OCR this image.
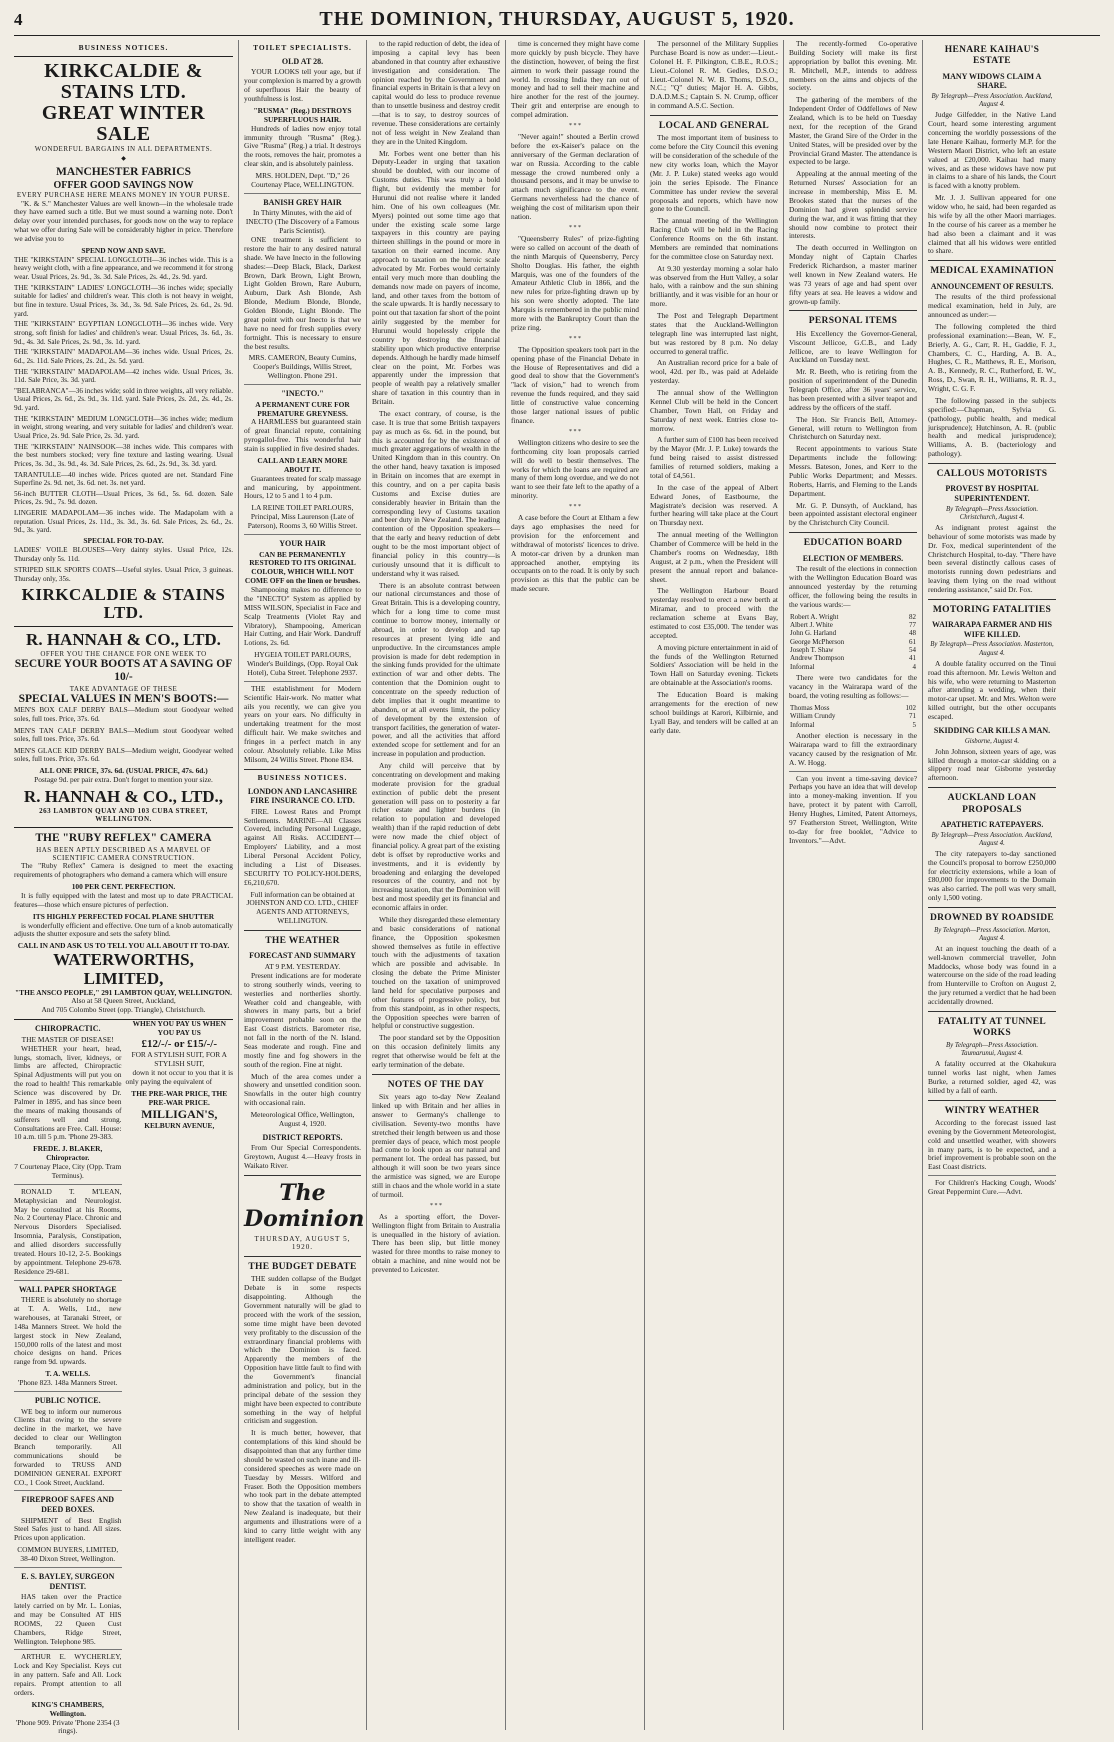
4	THE DOMINION, THURSDAY, AUGUST 5, 1920.
BUSINESS NOTICES.
KIRKCALDIE & STAINS LTD.
GREAT WINTER SALE
WONDERFUL BARGAINS IN ALL DEPARTMENTS.
◆
MANCHESTER FABRICS
OFFER GOOD SAVINGS NOW
EVERY PURCHASE HERE MEANS MONEY IN YOUR PURSE.

"K. & S." Manchester Values are well known—in the wholesale trade they have earned such a title. But we must sound a warning note. Don't delay over your intended purchases, for goods now on the way to replace what we offer during Sale will be considerably higher in price. Therefore we advise you to

SPEND NOW AND SAVE.

THE "KIRKSTAIN" SPECIAL LONGCLOTH—36 inches wide. This is a heavy weight cloth, with a fine appearance, and we recommend it for strong wear. Usual Prices, 2s. 9d., 3s. 3d. Sale Prices, 2s. 4d., 2s. 9d. yard.

THE "KIRKSTAIN" LADIES' LONGCLOTH—36 inches wide; specially suitable for ladies' and children's wear. This cloth is not heavy in weight, but fine in texture. Usual Prices, 3s. 3d., 3s. 9d. Sale Prices, 2s. 6d., 2s. 9d. yard.

THE "KIRKSTAIN" EGYPTIAN LONGCLOTH—36 inches wide. Very strong, soft finish for ladies' and children's wear. Usual Prices, 3s. 6d., 3s. 9d., 4s. 3d. Sale Prices, 2s. 9d., 3s. 1d. yard.

THE "KIRKSTAIN" MADAPOLAM—36 inches wide. Usual Prices, 2s. 6d., 2s. 11d. Sale Prices, 2s. 2d., 2s. 5d. yard.

THE "KIRKSTAIN" MADAPOLAM—42 inches wide. Usual Prices, 3s. 11d. Sale Price, 3s. 3d. yard.

"BELABRANCA"—36 inches wide; sold in three weights, all very reliable. Usual Prices, 2s. 6d., 2s. 9d., 3s. 11d. yard. Sale Prices, 2s. 2d., 2s. 4d., 2s. 9d. yard.

THE "KIRKSTAIN" MEDIUM LONGCLOTH—36 inches wide; medium in weight, strong wearing, and very suitable for ladies' and children's wear. Usual Price, 2s. 9d. Sale Price, 2s. 3d. yard.

THE "KIRKSTAIN" NAINSOOK—38 inches wide. This compares with the best numbers stocked; very fine texture and lasting wearing. Usual Prices, 3s. 3d., 3s. 9d., 4s. 3d. Sale Prices, 2s. 6d., 2s. 9d., 3s. 3d. yard.

TARANTULLE—40 inches wide. Prices quoted are net. Standard Fine Superfine 2s. 9d. net, 3s. 6d. net. 3s. net yard.

56-inch BUTTER CLOTH—Usual Prices, 3s 6d., 5s. 6d. dozen. Sale Prices, 2s. 9d., 7s. 9d. dozen.

LINGERIE MADAPOLAM—36 inches wide. The Madapolam with a reputation. Usual Prices, 2s. 11d., 3s. 3d., 3s. 6d. Sale Prices, 2s. 6d., 2s. 9d., 3s. yard.

SPECIAL FOR TO-DAY.

LADIES' VOILE BLOUSES—Very dainty styles. Usual Price, 12s. Thursday only 5s. 11d.

STRIPED SILK SPORTS COATS—Useful styles. Usual Price, 3 guineas. Thursday only, 35s.

KIRKCALDIE & STAINS LTD.
R. HANNAH & CO., LTD.
OFFER YOU THE CHANCE FOR ONE WEEK TO
SECURE YOUR BOOTS AT A SAVING OF 10/-
TAKE ADVANTAGE OF THESE
SPECIAL VALUES IN MEN'S BOOTS:—

MEN'S BOX CALF DERBY BALS—Medium stout Goodyear welted soles, full toes. Price, 37s. 6d.

MEN'S TAN CALF DERBY BALS—Medium stout Goodyear welted soles, full toes. Price, 37s. 6d.

MEN'S GLACE KID DERBY BALS—Medium weight, Goodyear welted soles, full toes. Price, 37s. 6d.

ALL ONE PRICE, 37s. 6d. (USUAL PRICE, 47s. 6d.)
Postage 9d. per pair extra. Don't forget to mention your size.
R. HANNAH & CO., LTD.,
263 LAMBTON QUAY AND 103 CUBA STREET, WELLINGTON.
THE "RUBY REFLEX" CAMERA
HAS BEEN APTLY DESCRIBED AS A MARVEL OF SCIENTIFIC CAMERA CONSTRUCTION.

The "Ruby Reflex" Camera is designed to meet the exacting requirements of photographers who demand a camera which will ensure

100 PER CENT. PERFECTION.

It is fully equipped with the latest and most up to date PRACTICAL features—those which ensure pictures of perfection.

ITS HIGHLY PERFECTED FOCAL PLANE SHUTTER

is wonderfully efficient and effective. One turn of a knob automatically adjusts the shutter exposure and sets the safety blind.

CALL IN AND ASK US TO TELL YOU ALL ABOUT IT TO-DAY.
WATERWORTHS, LIMITED,
"THE ANSCO PEOPLE," 291 LAMBTON QUAY, WELLINGTON.
Also at 58 Queen Street, Auckland,
And 705 Colombo Street (opp. Triangle), Christchurch.
CHIROPRACTIC.
THE MASTER OF DISEASE!

WHETHER your heart, head, lungs, stomach, liver, kidneys, or limbs are affected, Chiropractic Spinal Adjustments will put you on the road to health! This remarkable Science was discovered by Dr. Palmer in 1895, and has since been the means of making thousands of sufferers well and strong. Consultations are Free. Call. House: 10 a.m. till 5 p.m. 'Phone 29-383.

FREDE. J. BLAKER, Chiropractor.
7 Courtenay Place, City (Opp. Tram Terminus).

RONALD T. M'LEAN, Metaphysician and Neurologist. May be consulted at his Rooms, No. 2 Courtenay Place. Chronic and Nervous Disorders Specialised. Insomnia, Paralysis, Constipation, and allied disorders successfully treated. Hours 10-12, 2-5. Bookings by appointment. Telephone 29-678. Residence 29-681.

WALL PAPER SHORTAGE

THERE is absolutely no shortage at T. A. Wells, Ltd., new warehouses, at Taranaki Street, or 148a Manners Street. We hold the largest stock in New Zealand, 150,000 rolls of the latest and most choice designs on hand. Prices range from 9d. upwards.

T. A. WELLS.
'Phone 823. 148a Manners Street.
PUBLIC NOTICE.

WE beg to inform our numerous Clients that owing to the severe decline in the market, we have decided to clear our Wellington Branch temporarily. All communications should be forwarded to TRUSS AND DOMINION GENERAL EXPORT CO., 1 Cook Street, Auckland.

FIREPROOF SAFES AND DEED BOXES.

SHIPMENT of Best English Steel Safes just to hand. All sizes. Prices upon application.

COMMON BUYERS, LIMITED, 38-40 Dixon Street, Wellington.
E. S. BAYLEY, SURGEON DENTIST.

HAS taken over the Practice lately carried on by Mr. L. Lonias, and may be Consulted AT HIS ROOMS, 22 Queen Cust Chambers, Ridge Street, Wellington. Telephone 985.

ARTHUR E. WYCHERLEY, Lock and Key Specialist. Keys cut in any pattern. Safe and All. Lock repairs. Prompt attention to all orders.

KING'S CHAMBERS, Wellington.
'Phone 909. Private 'Phone 2354 (3 rings).
WHEN YOU PAY US WHEN YOU PAY US
£12/-/- or £15/-/-
FOR A STYLISH SUIT, FOR A STYLISH SUIT,

down it not occur to you that it is only paying the equivalent of

THE PRE-WAR PRICE, THE PRE-WAR PRICE.
MILLIGAN'S,
KELBURN AVENUE,
TOILET SPECIALISTS.
OLD AT 28.

YOUR LOOKS tell your age, but if your complexion is marred by a growth of superfluous Hair the beauty of youthfulness is lost.

"RUSMA" (Reg.) DESTROYS SUPERFLUOUS HAIR.

Hundreds of ladies now enjoy total immunity through "Rusma" (Reg.). Give "Rusma" (Reg.) a trial. It destroys the roots, removes the hair, promotes a clear skin, and is absolutely painless.

MRS. HOLDEN, Dept. "D," 26 Courtenay Place, WELLINGTON.
BANISH GREY HAIR
In Thirty Minutes, with the aid of INECTO (The Discovery of a Famous Paris Scientist).

ONE treatment is sufficient to restore the hair to any desired natural shade. We have Inecto in the following shades:—Deep Black, Black, Darkest Brown, Dark Brown, Light Brown, Light Golden Brown, Rare Auburn, Auburn, Dark Ash Blonde, Ash Blonde, Medium Blonde, Blonde, Golden Blonde, Light Blonde. The great point with our Inecto is that we have no need for fresh supplies every fortnight. This is necessary to ensure the best results.

MRS. CAMERON, Beauty Cumins, Cooper's Buildings, Willis Street, Wellington. Phone 291.
"INECTO."
A PERMANENT CURE FOR PREMATURE GREYNESS.

A HARMLESS but guaranteed stain of great financial repute, containing pyrogallol-free. This wonderful hair stain is supplied in five desired shades.

CALL AND LEARN MORE ABOUT IT.

Guarantees treated for scalp massage and manicuring, by appointment. Hours, 12 to 5 and 1 to 4 p.m.

LA REINE TOILET PARLOURS, Principal, Miss Laurenson (Late of Paterson), Rooms 3, 60 Willis Street.
YOUR HAIR
CAN BE PERMANENTLY RESTORED TO ITS ORIGINAL COLOUR, WHICH WILL NOT COME OFF on the linen or brushes.

Shampooing makes no difference to the "INECTO" System as applied by MISS WILSON, Specialist in Face and Scalp Treatments (Violet Ray and Vibratory), Shampooing, American Hair Cutting, and Hair Work. Dandruff Lotions, 2s. 6d.

HYGEIA TOILET PARLOURS, Winder's Buildings, (Opp. Royal Oak Hotel), Cuba Street. Telephone 2937.

THE establishment for Modern Scientific Hair-work. No matter what ails you recently, we can give you years on your ears. No difficulty in undertaking treatment for the most difficult hair. We make switches and fringes in a perfect match in any colour. Absolutely reliable. Like Miss Milsom, 24 Willis Street. Phone 834.

BUSINESS NOTICES.
LONDON AND LANCASHIRE FIRE INSURANCE CO. LTD.

FIRE. Lowest Rates and Prompt Settlements. MARINE—All Classes Covered, including Personal Luggage, against All Risks. ACCIDENT—Employers' Liability, and a most Liberal Personal Accident Policy, including a List of Diseases. SECURITY TO POLICY-HOLDERS, £6,210,670.

Full information can be obtained at JOHNSTON AND CO. LTD., CHIEF AGENTS AND ATTORNEYS, WELLINGTON.
THE WEATHER
FORECAST AND SUMMARY
AT 9 P.M. YESTERDAY.

Present indications are for moderate to strong southerly winds, veering to westerlies and northerlies shortly. Weather cold and changeable, with showers in many parts, but a brief improvement probable soon on the East Coast districts. Barometer rise, not fall in the north of the N. Island. Seas moderate and rough. Fine and mostly fine and fog showers in the south of the region. Fine at night.

Much of the area comes under a showery and unsettled condition soon. Snowfalls in the outer high country with occasional rain.

Meteorological Office, Wellington, August 4, 1920.
DISTRICT REPORTS.

From Our Special Correspondents. Greytown, August 4.—Heavy frosts in Waikato River.

The Dominion
THURSDAY, AUGUST 5, 1920.
THE BUDGET DEBATE

THE sudden collapse of the Budget Debate is in some respects disappointing. Although the Government naturally will be glad to proceed with the work of the session, some time might have been devoted very profitably to the discussion of the extraordinary financial problems with which the Dominion is faced. Apparently the members of the Opposition have little fault to find with the Government's financial administration and policy, but in the principal debate of the session they might have been expected to contribute something in the way of helpful criticism and suggestion.

It is much better, however, that contemplations of this kind should be disappointed than that any further time should be wasted on such inane and ill-considered speeches as were made on Tuesday by Messrs. Wilford and Fraser. Both the Opposition members who took part in the debate attempted to show that the taxation of wealth in New Zealand is inadequate, but their arguments and illustrations were of a kind to carry little weight with any intelligent reader.

to the rapid reduction of debt, the idea of imposing a capital levy has been abandoned in that country after exhaustive investigation and consideration. The opinion reached by the Government and financial experts in Britain is that a levy on capital would do less to produce revenue than to unsettle business and destroy credit—that is to say, to destroy sources of revenue. These considerations are certainly not of less weight in New Zealand than they are in the United Kingdom.

Mr. Forbes went one better than his Deputy-Leader in urging that taxation should be doubled, with our income of Customs duties. This was truly a bold flight, but evidently the member for Hurunui did not realise where it landed him. One of his own colleagues (Mr. Myers) pointed out some time ago that under the existing scale some large taxpayers in this country are paying thirteen shillings in the pound or more in taxation on their earned income. Any approach to taxation on the heroic scale advocated by Mr. Forbes would certainly entail very much more than doubling the demands now made on payers of income, land, and other taxes from the bottom of the scale upwards. It is hardly necessary to point out that taxation far short of the point airily suggested by the member for Hurunui would hopelessly cripple the country by destroying the financial stability upon which productive enterprise depends. Although he hardly made himself clear on the point, Mr. Forbes was apparently under the impression that people of wealth pay a relatively smaller share of taxation in this country than in Britain.

The exact contrary, of course, is the case. It is true that some British taxpayers pay as much as 6s. 6d. in the pound, but this is accounted for by the existence of much greater aggregations of wealth in the United Kingdom than in this country. On the other hand, heavy taxation is imposed in Britain on incomes that are exempt in this country, and on a per capita basis Customs and Excise duties are considerably heavier in Britain than the corresponding levy of Customs taxation and beer duty in New Zealand. The leading contention of the Opposition speakers—that the early and heavy reduction of debt ought to be the most important object of financial policy in this country—is curiously unsound that it is difficult to understand why it was raised.

There is an absolute contrast between our national circumstances and those of Great Britain. This is a developing country, which for a long time to come must continue to borrow money, internally or abroad, in order to develop and tap resources at present lying idle and unproductive. In the circumstances ample provision is made for debt redemption in the sinking funds provided for the ultimate extinction of war and other debts. The contention that the Dominion ought to concentrate on the speedy reduction of debt implies that it ought meantime to abandon, or at all events limit, the policy of development by the extension of transport facilities, the generation of water-power, and all the activities that afford extended scope for settlement and for an increase in population and production.

Any child will perceive that by concentrating on development and making moderate provision for the gradual extinction of public debt the present generation will pass on to posterity a far richer estate and lighter burdens (in relation to population and developed wealth) than if the rapid reduction of debt were now made the chief object of financial policy. A great part of the existing debt is offset by reproductive works and investments, and it is evidently by broadening and enlarging the developed resources of the country, and not by increasing taxation, that the Dominion will best and most speedily get its financial and economic affairs in order.

While they disregarded these elementary and basic considerations of national finance, the Opposition spokesmen showed themselves as futile in effective touch with the adjustments of taxation which are possible and advisable. In closing the debate the Prime Minister touched on the taxation of unimproved land held for speculative purposes and other features of progressive policy, but from this standpoint, as in other respects, the Opposition speeches were barren of helpful or constructive suggestion.

The poor standard set by the Opposition on this occasion definitely limits any regret that otherwise would be felt at the early termination of the debate.

NOTES OF THE DAY

Six years ago to-day New Zealand linked up with Britain and her allies in answer to Germany's challenge to civilisation. Seventy-two months have stretched their length between us and those premier days of peace, which most people had come to look upon as our natural and permanent lot. The ordeal has passed, but although it will soon be two years since the armistice was signed, we are Europe still in chaos and the whole world in a state of turmoil.

* * *

As a sporting effort, the Dover-Wellington flight from Britain to Australia is unequalled in the history of aviation. There has been slip, but little money wasted for three months to raise money to obtain a machine, and nine would not be prevented to Leicester.

time is concerned they might have come more quickly by push bicycle. They have the distinction, however, of being the first airmen to work their passage round the world. In crossing India they ran out of money and had to sell their machine and hire another for the rest of the journey. Their grit and enterprise are enough to compel admiration.

* * *

"Never again!" shouted a Berlin crowd before the ex-Kaiser's palace on the anniversary of the German declaration of war on Russia. According to the cable message the crowd numbered only a thousand persons, and it may be unwise to attach much significance to the event. Germans nevertheless had the chance of weighing the cost of militarism upon their nation.

* * *

"Queensberry Rules" of prize-fighting were so called on account of the death of the ninth Marquis of Queensberry, Percy Sholto Douglas. His father, the eighth Marquis, was one of the founders of the Amateur Athletic Club in 1866, and the new rules for prize-fighting drawn up by his son were shortly adopted. The late Marquis is remembered in the public mind more with the Bankruptcy Court than the prize ring.

* * *

The Opposition speakers took part in the opening phase of the Financial Debate in the House of Representatives and did a good deal to show that the Government's "lack of vision," had to wrench from revenue the funds required, and they said little of constructive value concerning those larger national issues of public finance.

* * *

Wellington citizens who desire to see the forthcoming city loan proposals carried will do well to bestir themselves. The works for which the loans are required are many of them long overdue, and we do not want to see their fate left to the apathy of a minority.

* * *

A case before the Court at Eltham a few days ago emphasises the need for provision for the enforcement and withdrawal of motorists' licences to drive. A motor-car driven by a drunken man approached another, emptying its occupants on to the road. It is only by such provision as this that the public can be made secure.

The personnel of the Military Supplies Purchase Board is now as under:—Lieut.-Colonel H. F. Pilkington, C.B.E., R.O.S.; Lieut.-Colonel R. M. Gedles, D.S.O.; Lieut.-Colonel N. W. B. Thoms, D.S.O., N.C.; "Q" duties; Major H. A. Gibbs, D.A.D.M.S.; Captain S. N. Crump, officer in command A.S.C. Section.

LOCAL AND GENERAL

The most important item of business to come before the City Council this evening will be consideration of the schedule of the new city works loan, which the Mayor (Mr. J. P. Luke) stated weeks ago would join the series Episode. The Finance Committee has under review the several proposals and reports, which have now gone to the Council.

The annual meeting of the Wellington Racing Club will be held in the Racing Conference Rooms on the 6th instant. Members are reminded that nominations for the committee close on Saturday next.

At 9.30 yesterday morning a solar halo was observed from the Hutt Valley, a solar halo, with a rainbow and the sun shining brilliantly, and it was visible for an hour or more.

The Post and Telegraph Department states that the Auckland-Wellington telegraph line was interrupted last night, but was restored by 8 p.m. No delay occurred to general traffic.

An Australian record price for a bale of wool, 42d. per lb., was paid at Adelaide yesterday.

The annual show of the Wellington Kennel Club will be held in the Concert Chamber, Town Hall, on Friday and Saturday of next week. Entries close to-morrow.

A further sum of £100 has been received by the Mayor (Mr. J. P. Luke) towards the fund being raised to assist distressed families of returned soldiers, making a total of £4,561.

In the case of the appeal of Albert Edward Jones, of Eastbourne, the Magistrate's decision was reserved. A further hearing will take place at the Court on Thursday next.

The annual meeting of the Wellington Chamber of Commerce will be held in the Chamber's rooms on Wednesday, 18th August, at 2 p.m., when the President will present the annual report and balance-sheet.

The Wellington Harbour Board yesterday resolved to erect a new berth at Miramar, and to proceed with the reclamation scheme at Evans Bay, estimated to cost £35,000. The tender was accepted.

A moving picture entertainment in aid of the funds of the Wellington Returned Soldiers' Association will be held in the Town Hall on Saturday evening. Tickets are obtainable at the Association's rooms.

The Education Board is making arrangements for the erection of new school buildings at Karori, Kilbirnie, and Lyall Bay, and tenders will be called at an early date.

The recently-formed Co-operative Building Society will make its first appropriation by ballot this evening. Mr. R. Mitchell, M.P., intends to address members on the aims and objects of the society.

The gathering of the members of the Independent Order of Oddfellows of New Zealand, which is to be held on Tuesday next, for the reception of the Grand Master, the Grand Sire of the Order in the United States, will be presided over by the Provincial Grand Master. The attendance is expected to be large.

Appealing at the annual meeting of the Returned Nurses' Association for an increase in membership, Miss E. M. Brookes stated that the nurses of the Dominion had given splendid service during the war, and it was fitting that they should now combine to protect their interests.

The death occurred in Wellington on Monday night of Captain Charles Frederick Richardson, a master mariner well known in New Zealand waters. He was 73 years of age and had spent over fifty years at sea. He leaves a widow and grown-up family.

PERSONAL ITEMS

His Excellency the Governor-General, Viscount Jellicoe, G.C.B., and Lady Jellicoe, are to leave Wellington for Auckland on Tuesday next.

Mr. R. Beeth, who is retiring from the position of superintendent of the Dunedin Telegraph Office, after 36 years' service, has been presented with a silver teapot and address by the officers of the staff.

The Hon. Sir Francis Bell, Attorney-General, will return to Wellington from Christchurch on Saturday next.

Recent appointments to various State Departments include the following: Messrs. Bateson, Jones, and Kerr to the Public Works Department; and Messrs. Roberts, Harris, and Fleming to the Lands Department.

Mr. G. P. Dunsyth, of Auckland, has been appointed assistant electoral engineer by the Christchurch City Council.

EDUCATION BOARD
ELECTION OF MEMBERS.

The result of the elections in connection with the Wellington Education Board was announced yesterday by the returning officer, the following being the results in the various wards:—

Robert A. Wright	82
Albert J. White	77
John G. Harland	48
George McPherson	61
Joseph T. Shaw	54
Andrew Thompson	41
Informal	4

There were two candidates for the vacancy in the Wairarapa ward of the board, the voting resulting as follows:—

Thomas Moss	102
William Crundy	71
Informal	5

Another election is necessary in the Wairarapa ward to fill the extraordinary vacancy caused by the resignation of Mr. A. W. Hogg.

Can you invent a time-saving device? Perhaps you have an idea that will develop into a money-making invention. If you have, protect it by patent with Carroll, Henry Hughes, Limited, Patent Attorneys, 97 Featherston Street, Wellington, Write to-day for free booklet, "Advice to Inventors."—Advt.

HENARE KAIHAU'S ESTATE
MANY WIDOWS CLAIM A SHARE.
By Telegraph—Press Association. Auckland, August 4.

Judge Gilfedder, in the Native Land Court, heard some interesting argument concerning the worldly possessions of the late Henare Kaihau, formerly M.P. for the Western Maori District, who left an estate valued at £20,000. Kaihau had many wives, and as these widows have now put in claims to a share of his lands, the Court is faced with a knotty problem.

Mr. J. J. Sullivan appeared for one widow who, he said, had been regarded as his wife by all the other Maori marriages. In the course of his career as a member he had also been a claimant and it was claimed that all his widows were entitled to share.

MEDICAL EXAMINATION
ANNOUNCEMENT OF RESULTS.

The results of the third professional medical examination, held in July, are announced as under:—

The following completed the third professional examination:—Bean, W. F., Brierly, A. G., Carr, R. H., Gaddie, F. J., Chambers, C. C., Harding, A. B. A., Hughes, C. R., Matthews, R. E., Morison, A. B., Kennedy, R. C., Rutherford, E. W., Ross, D., Swan, R. H., Williams, R. R. J., Wright, C. G. F.

The following passed in the subjects specified:—Chapman, Sylvia G. (pathology, public health, and medical jurisprudence); Hutchinson, A. R. (public health and medical jurisprudence); Williams, A. B. (bacteriology and pathology).

CALLOUS MOTORISTS
PROVEST BY HOSPITAL SUPERINTENDENT.
By Telegraph—Press Association. Christchurch, August 4.

As indignant protest against the behaviour of some motorists was made by Dr. Fox, medical superintendent of the Christchurch Hospital, to-day. "There have been several distinctly callous cases of motorists running down pedestrians and leaving them lying on the road without rendering assistance," said Dr. Fox.

MOTORING FATALITIES
WAIRARAPA FARMER AND HIS WIFE KILLED.
By Telegraph—Press Association. Masterton, August 4.

A double fatality occurred on the Tinui road this afternoon. Mr. Lewis Welton and his wife, who were returning to Masterton after attending a wedding, when their motor-car upset. Mr. and Mrs. Welton were killed outright, but the other occupants escaped.

SKIDDING CAR KILLS A MAN.
Gisborne, August 4.

John Johnson, sixteen years of age, was killed through a motor-car skidding on a slippery road near Gisborne yesterday afternoon.

AUCKLAND LOAN PROPOSALS
APATHETIC RATEPAYERS.
By Telegraph—Press Association. Auckland, August 4.

The city ratepayers to-day sanctioned the Council's proposal to borrow £250,000 for electricity extensions, while a loan of £80,000 for improvements to the Domain was also carried. The poll was very small, only 1,500 voting.

DROWNED BY ROADSIDE
By Telegraph—Press Association. Marton, August 4.

At an inquest touching the death of a well-known commercial traveller, John Maddocks, whose body was found in a watercourse on the side of the road leading from Hunterville to Crofton on August 2, the jury returned a verdict that he had been accidentally drowned.

FATALITY AT TUNNEL WORKS
By Telegraph—Press Association. Taumarunui, August 4.

A fatality occurred at the Okahukura tunnel works last night, when James Burke, a returned soldier, aged 42, was killed by a fall of earth.

WINTRY WEATHER

According to the forecast issued last evening by the Government Meteorologist, cold and unsettled weather, with showers in many parts, is to be expected, and a brief improvement is probable soon on the East Coast districts.

For Children's Hacking Cough, Woods' Great Peppermint Cure.—Advt.
